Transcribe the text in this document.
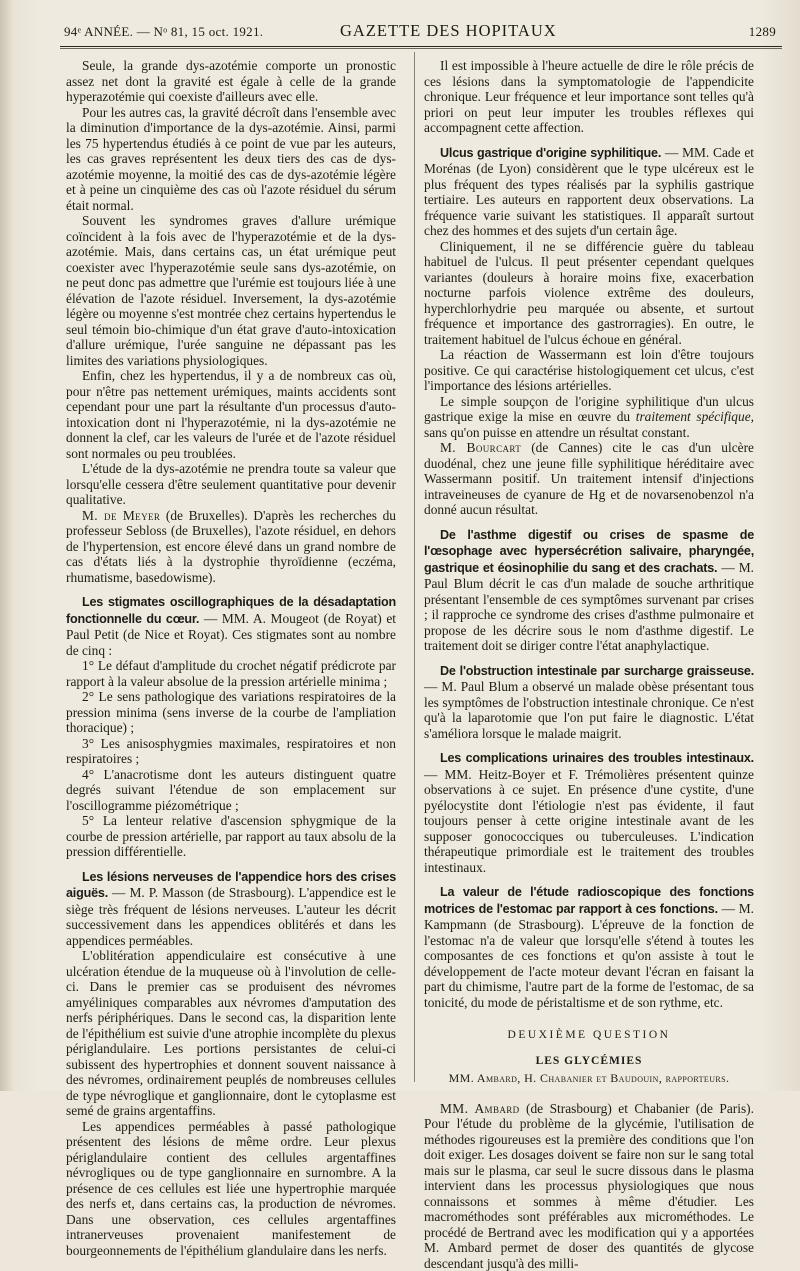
94ᵉ ANNÉE. — Nᵒ 81, 15 oct. 1921.	GAZETTE DES HOPITAUX	1289

Seule, la grande dys-azotémie comporte un pronostic assez net dont la gravité est égale à celle de la grande hyperazotémie qui coexiste d'ailleurs avec elle.

Pour les autres cas, la gravité décroît dans l'ensemble avec la diminution d'importance de la dys-azotémie. Ainsi, parmi les 75 hypertendus étudiés à ce point de vue par les auteurs, les cas graves représentent les deux tiers des cas de dys-azotémie moyenne, la moitié des cas de dys-azotémie légère et à peine un cinquième des cas où l'azote résiduel du sérum était normal.

Souvent les syndromes graves d'allure urémique coïncident à la fois avec de l'hyperazotémie et de la dys-azotémie. Mais, dans certains cas, un état urémique peut coexister avec l'hyperazotémie seule sans dys-azotémie, on ne peut donc pas admettre que l'urémie est toujours liée à une élévation de l'azote résiduel. Inversement, la dys-azotémie légère ou moyenne s'est montrée chez certains hypertendus le seul témoin bio-chimique d'un état grave d'auto-intoxication d'allure urémique, l'urée sanguine ne dépassant pas les limites des variations physiologiques.

Enfin, chez les hypertendus, il y a de nombreux cas où, pour n'être pas nettement urémiques, maints accidents sont cependant pour une part la résultante d'un processus d'auto-intoxication dont ni l'hyperazotémie, ni la dys-azotémie ne donnent la clef, car les valeurs de l'urée et de l'azote résiduel sont normales ou peu troublées.

L'étude de la dys-azotémie ne prendra toute sa valeur que lorsqu'elle cessera d'être seulement quantitative pour devenir qualitative.

M. de Meyer (de Bruxelles). D'après les recherches du professeur Sebloss (de Bruxelles), l'azote résiduel, en dehors de l'hypertension, est encore élevé dans un grand nombre de cas d'états liés à la dystrophie thyroïdienne (eczéma, rhumatisme, basedowisme).

Les stigmates oscillographiques de la désadaptation fonctionnelle du cœur. — MM. A. Mougeot (de Royat) et Paul Petit (de Nice et Royat). Ces stigmates sont au nombre de cinq :

1° Le défaut d'amplitude du crochet négatif prédicrote par rapport à la valeur absolue de la pression artérielle minima ;

2° Le sens pathologique des variations respiratoires de la pression minima (sens inverse de la courbe de l'ampliation thoracique) ;

3° Les anisosphygmies maximales, respiratoires et non respiratoires ;

4° L'anacrotisme dont les auteurs distinguent quatre degrés suivant l'étendue de son emplacement sur l'oscillogramme piézométrique ;

5° La lenteur relative d'ascension sphygmique de la courbe de pression artérielle, par rapport au taux absolu de la pression différentielle.

Les lésions nerveuses de l'appendice hors des crises aiguës. — M. P. Masson (de Strasbourg). L'appendice est le siège très fréquent de lésions nerveuses. L'auteur les décrit successivement dans les appendices oblitérés et dans les appendices perméables.

L'oblitération appendiculaire est consécutive à une ulcération étendue de la muqueuse où à l'involution de celle-ci. Dans le premier cas se produisent des névromes amyéliniques comparables aux névromes d'amputation des nerfs périphériques. Dans le second cas, la disparition lente de l'épithélium est suivie d'une atrophie incomplète du plexus périglandulaire. Les portions persistantes de celui-ci subissent des hypertrophies et donnent souvent naissance à des névromes, ordinairement peuplés de nombreuses cellules de type névroglique et ganglionnaire, dont le cytoplasme est semé de grains argentaffins.

Les appendices perméables à passé pathologique présentent des lésions de même ordre. Leur plexus périglandulaire contient des cellules argentaffines névrogliques ou de type ganglionnaire en surnombre. A la présence de ces cellules est liée une hypertrophie marquée des nerfs et, dans certains cas, la production de névromes. Dans une observation, ces cellules argentaffines intranerveuses provenaient manifestement de bourgeonnements de l'épithélium glandulaire dans les nerfs.

Il est impossible à l'heure actuelle de dire le rôle précis de ces lésions dans la symptomatologie de l'appendicite chronique. Leur fréquence et leur importance sont telles qu'à priori on peut leur imputer les troubles réflexes qui accompagnent cette affection.

Ulcus gastrique d'origine syphilitique. — MM. Cade et Morénas (de Lyon) considèrent que le type ulcéreux est le plus fréquent des types réalisés par la syphilis gastrique tertiaire. Les auteurs en rapportent deux observations. La fréquence varie suivant les statistiques. Il apparaît surtout chez des hommes et des sujets d'un certain âge.

Cliniquement, il ne se différencie guère du tableau habituel de l'ulcus. Il peut présenter cependant quelques variantes (douleurs à horaire moins fixe, exacerbation nocturne parfois violence extrême des douleurs, hyperchlorhydrie peu marquée ou absente, et surtout fréquence et importance des gastrorragies). En outre, le traitement habituel de l'ulcus échoue en général.

La réaction de Wassermann est loin d'être toujours positive. Ce qui caractérise histologiquement cet ulcus, c'est l'importance des lésions artérielles.

Le simple soupçon de l'origine syphilitique d'un ulcus gastrique exige la mise en œuvre du traitement spécifique, sans qu'on puisse en attendre un résultat constant.

M. Bourcart (de Cannes) cite le cas d'un ulcère duodénal, chez une jeune fille syphilitique héréditaire avec Wassermann positif. Un traitement intensif d'injections intraveineuses de cyanure de Hg et de novarsenobenzol n'a donné aucun résultat.

De l'asthme digestif ou crises de spasme de l'œsophage avec hypersécrétion salivaire, pharyngée, gastrique et éosinophilie du sang et des crachats. — M. Paul Blum décrit le cas d'un malade de souche arthritique présentant l'ensemble de ces symptômes survenant par crises ; il rapproche ce syndrome des crises d'asthme pulmonaire et propose de les décrire sous le nom d'asthme digestif. Le traitement doit se diriger contre l'état anaphylactique.

De l'obstruction intestinale par surcharge graisseuse. — M. Paul Blum a observé un malade obèse présentant tous les symptômes de l'obstruction intestinale chronique. Ce n'est qu'à la laparotomie que l'on put faire le diagnostic. L'état s'améliora lorsque le malade maigrit.

Les complications urinaires des troubles intestinaux. — MM. Heitz-Boyer et F. Trémolières présentent quinze observations à ce sujet. En présence d'une cystite, d'une pyélocystite dont l'étiologie n'est pas évidente, il faut toujours penser à cette origine intestinale avant de les supposer gonococciques ou tuberculeuses. L'indication thérapeutique primordiale est le traitement des troubles intestinaux.

La valeur de l'étude radioscopique des fonctions motrices de l'estomac par rapport à ces fonctions. — M. Kampmann (de Strasbourg). L'épreuve de la fonction de l'estomac n'a de valeur que lorsqu'elle s'étend à toutes les composantes de ces fonctions et qu'on assiste à tout le développement de l'acte moteur devant l'écran en faisant la part du chimisme, l'autre part de la forme de l'estomac, de sa tonicité, du mode de péristaltisme et de son rythme, etc.

DEUXIÈME QUESTION

LES GLYCÉMIES

MM. Ambard, H. Chabanier et Baudouin, rapporteurs.

MM. Ambard (de Strasbourg) et Chabanier (de Paris). Pour l'étude du problème de la glycémie, l'utilisation de méthodes rigoureuses est la première des conditions que l'on doit exiger. Les dosages doivent se faire non sur le sang total mais sur le plasma, car seul le sucre dissous dans le plasma intervient dans les processus physiologiques que nous connaissons et sommes à même d'étudier. Les macrométhodes sont préférables aux microméthodes. Le procédé de Bertrand avec les modification qui y a apportées M. Ambard permet de doser des quantités de glycose descendant jusqu'à des milli-
